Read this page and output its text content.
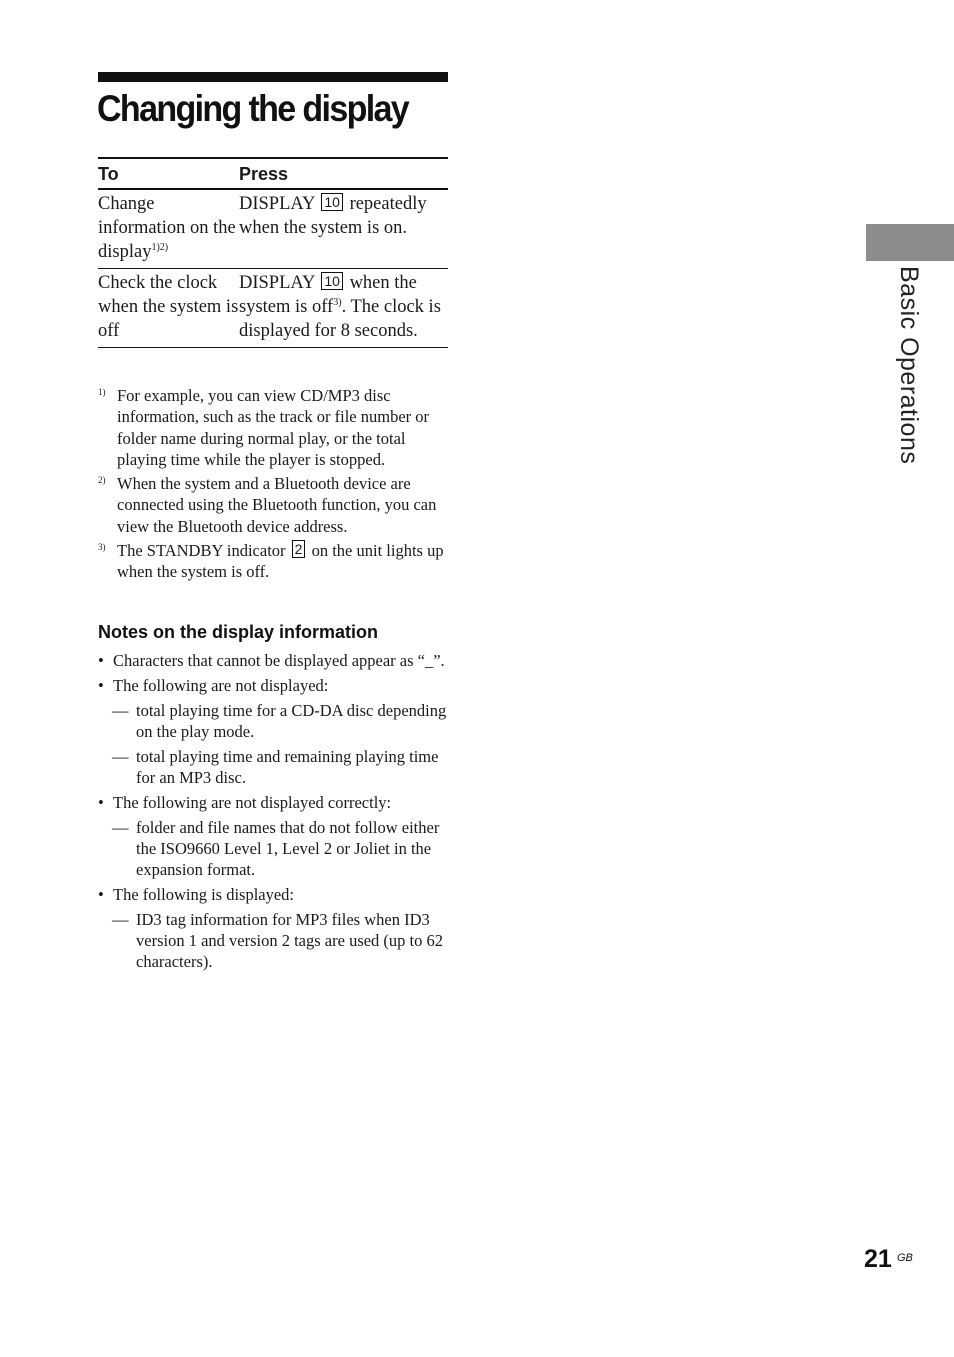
Changing the display
To	Press
Change information on the display$^{1)2)}$	DISPLAY 10 repeatedly when the system is on.
Check the clock when the system is off	DISPLAY 10 when the system is off$^{3)}$. The clock is displayed for 8 seconds.
1) For example, you can view CD/MP3 disc information, such as the track or file number or folder name during normal play, or the total playing time while the player is stopped.
2) When the system and a Bluetooth device are connected using the Bluetooth function, you can view the Bluetooth device address.
3) The STANDBY indicator 2 on the unit lights up when the system is off.
Notes on the display information
• Characters that cannot be displayed appear as “_”.
• The following are not displayed:
— total playing time for a CD-DA disc depending on the play mode.
— total playing time and remaining playing time for an MP3 disc.
• The following are not displayed correctly:
— folder and file names that do not follow either the ISO9660 Level 1, Level 2 or Joliet in the expansion format.
• The following is displayed:
— ID3 tag information for MP3 files when ID3 version 1 and version 2 tags are used (up to 62 characters).
Basic Operations
21 GB
